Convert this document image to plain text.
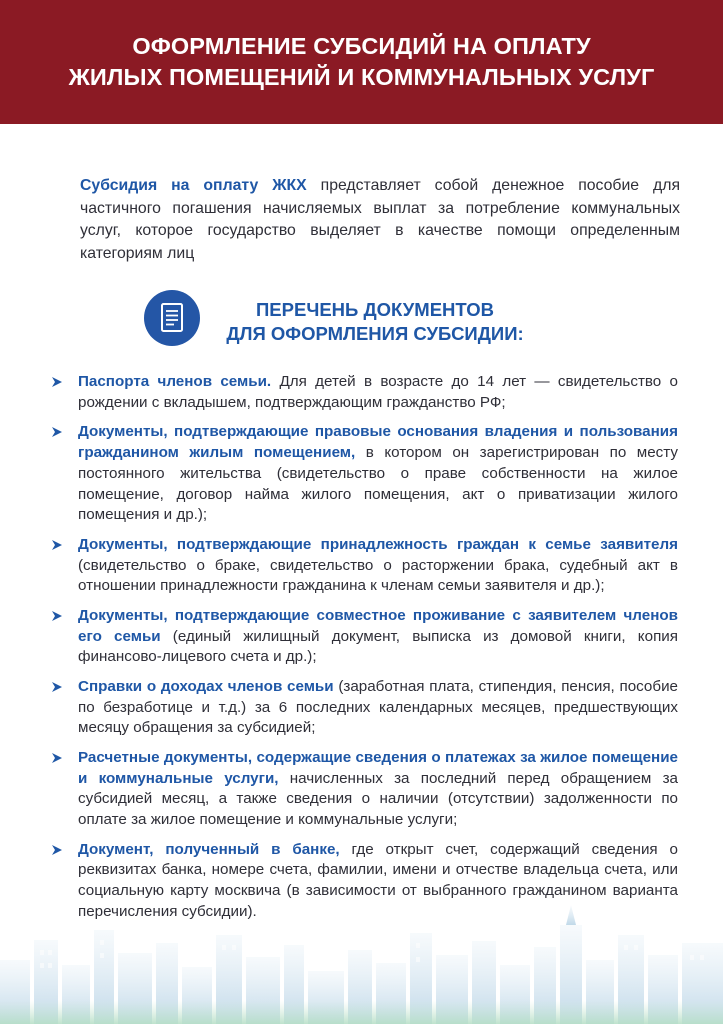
ОФОРМЛЕНИЕ СУБСИДИЙ НА ОПЛАТУ
ЖИЛЫХ ПОМЕЩЕНИЙ И КОММУНАЛЬНЫХ УСЛУГ

Субсидия на оплату ЖКХ представляет собой денежное пособие для частичного погашения начисляемых выплат за потребление коммунальных услуг, которое государство выделяет в качестве помощи определенным категориям лиц

ПЕРЕЧЕНЬ ДОКУМЕНТОВ
ДЛЯ ОФОРМЛЕНИЯ СУБСИДИИ:
Паспорта членов семьи. Для детей в возрасте до 14 лет — свидетельство о рождении с вкладышем, подтверждающим гражданство РФ;
Документы, подтверждающие правовые основания владения и пользования гражданином жилым помещением, в котором он зарегистрирован по месту постоянного жительства (свидетельство о праве собственности на жилое помещение, договор найма жилого помещения, акт о приватизации жилого помещения и др.);
Документы, подтверждающие принадлежность граждан к семье заявителя (свидетельство о браке, свидетельство о расторжении брака, судебный акт в отношении принадлежности гражданина к членам семьи заявителя и др.);
Документы, подтверждающие совместное проживание с заявителем членов его семьи (единый жилищный документ, выписка из домовой книги, копия финансово-лицевого счета и др.);
Справки о доходах членов семьи (заработная плата, стипендия, пенсия, пособие по безработице и т.д.) за 6 последних календарных месяцев, предшествующих месяцу обращения за субсидией;
Расчетные документы, содержащие сведения о платежах за жилое помещение и коммунальные услуги, начисленных за последний перед обращением за субсидией месяц, а также сведения о наличии (отсутствии) задолженности по оплате за жилое помещение и коммунальные услуги;
Документ, полученный в банке, где открыт счет, содержащий сведения о реквизитах банка, номере счета, фамилии, имени и отчестве владельца счета, или социальную карту москвича (в зависимости от выбранного гражданином варианта перечисления субсидии).
